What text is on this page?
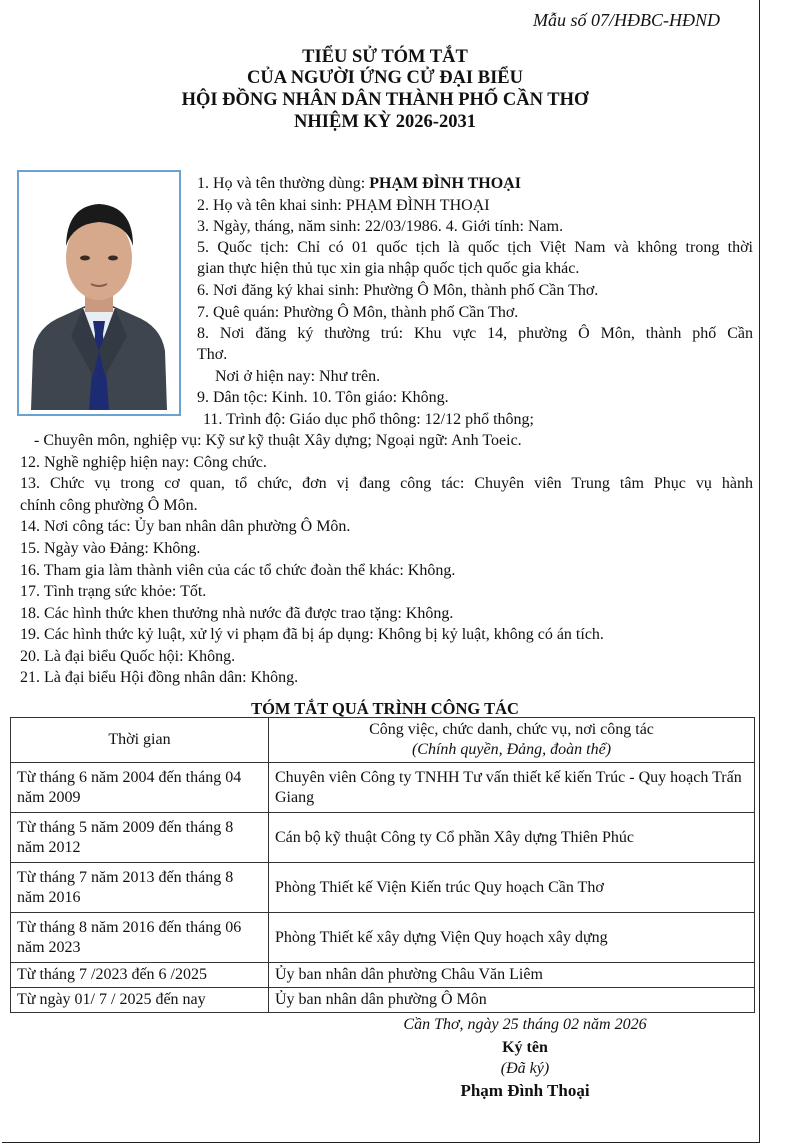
Mẫu số 07/HĐBC-HĐND
TIỂU SỬ TÓM TẮT
CỦA NGƯỜI ỨNG CỬ ĐẠI BIỂU
HỘI ĐỒNG NHÂN DÂN THÀNH PHỐ CẦN THƠ
NHIỆM KỲ 2026-2031
1. Họ và tên thường dùng: PHẠM ĐÌNH THOẠI
2. Họ và tên khai sinh: PHẠM ĐÌNH THOẠI
3. Ngày, tháng, năm sinh: 22/03/1986. 4. Giới tính: Nam.
5. Quốc tịch: Chỉ có 01 quốc tịch là quốc tịch Việt Nam và không trong thời
gian thực hiện thủ tục xin gia nhập quốc tịch quốc gia khác.
6. Nơi đăng ký khai sinh: Phường Ô Môn, thành phố Cần Thơ.
7. Quê quán: Phường Ô Môn, thành phố Cần Thơ.
8. Nơi đăng ký thường trú: Khu vực 14, phường Ô Môn, thành phố Cần
Thơ.
Nơi ở hiện nay: Như trên.
9. Dân tộc: Kinh. 10. Tôn giáo: Không.
11. Trình độ: Giáo dục phổ thông: 12/12 phổ thông;
- Chuyên môn, nghiệp vụ: Kỹ sư kỹ thuật Xây dựng; Ngoại ngữ: Anh Toeic.
12. Nghề nghiệp hiện nay: Công chức.
13. Chức vụ trong cơ quan, tổ chức, đơn vị đang công tác: Chuyên viên Trung tâm Phục vụ hành
chính công phường Ô Môn.
14. Nơi công tác: Ủy ban nhân dân phường Ô Môn.
15. Ngày vào Đảng: Không.
16. Tham gia làm thành viên của các tổ chức đoàn thể khác: Không.
17. Tình trạng sức khỏe: Tốt.
18. Các hình thức khen thưởng nhà nước đã được trao tặng: Không.
19. Các hình thức kỷ luật, xử lý vi phạm đã bị áp dụng: Không bị kỷ luật, không có án tích.
20. Là đại biểu Quốc hội: Không.
21. Là đại biểu Hội đồng nhân dân: Không.
TÓM TẮT QUÁ TRÌNH CÔNG TÁC
Thời gian	Công việc, chức danh, chức vụ, nơi công tác
(Chính quyền, Đảng, đoàn thể)

Từ tháng 6 năm 2004 đến tháng 04 năm 2009	Chuyên viên Công ty TNHH Tư vấn thiết kế kiến Trúc - Quy hoạch Trấn Giang
Từ tháng 5 năm 2009 đến tháng 8 năm 2012	Cán bộ kỹ thuật Công ty Cổ phần Xây dựng Thiên Phúc
Từ tháng 7 năm 2013 đến tháng 8 năm 2016	Phòng Thiết kế Viện Kiến trúc Quy hoạch Cần Thơ
Từ tháng 8 năm 2016 đến tháng 06 năm 2023	Phòng Thiết kế xây dựng Viện Quy hoạch xây dựng
Từ tháng 7 /2023 đến 6 /2025	Ủy ban nhân dân phường Châu Văn Liêm
Từ ngày 01/ 7 / 2025 đến nay	Ủy ban nhân dân phường Ô Môn
Cần Thơ, ngày 25 tháng 02 năm 2026
Ký tên
(Đã ký)
Phạm Đình Thoại
